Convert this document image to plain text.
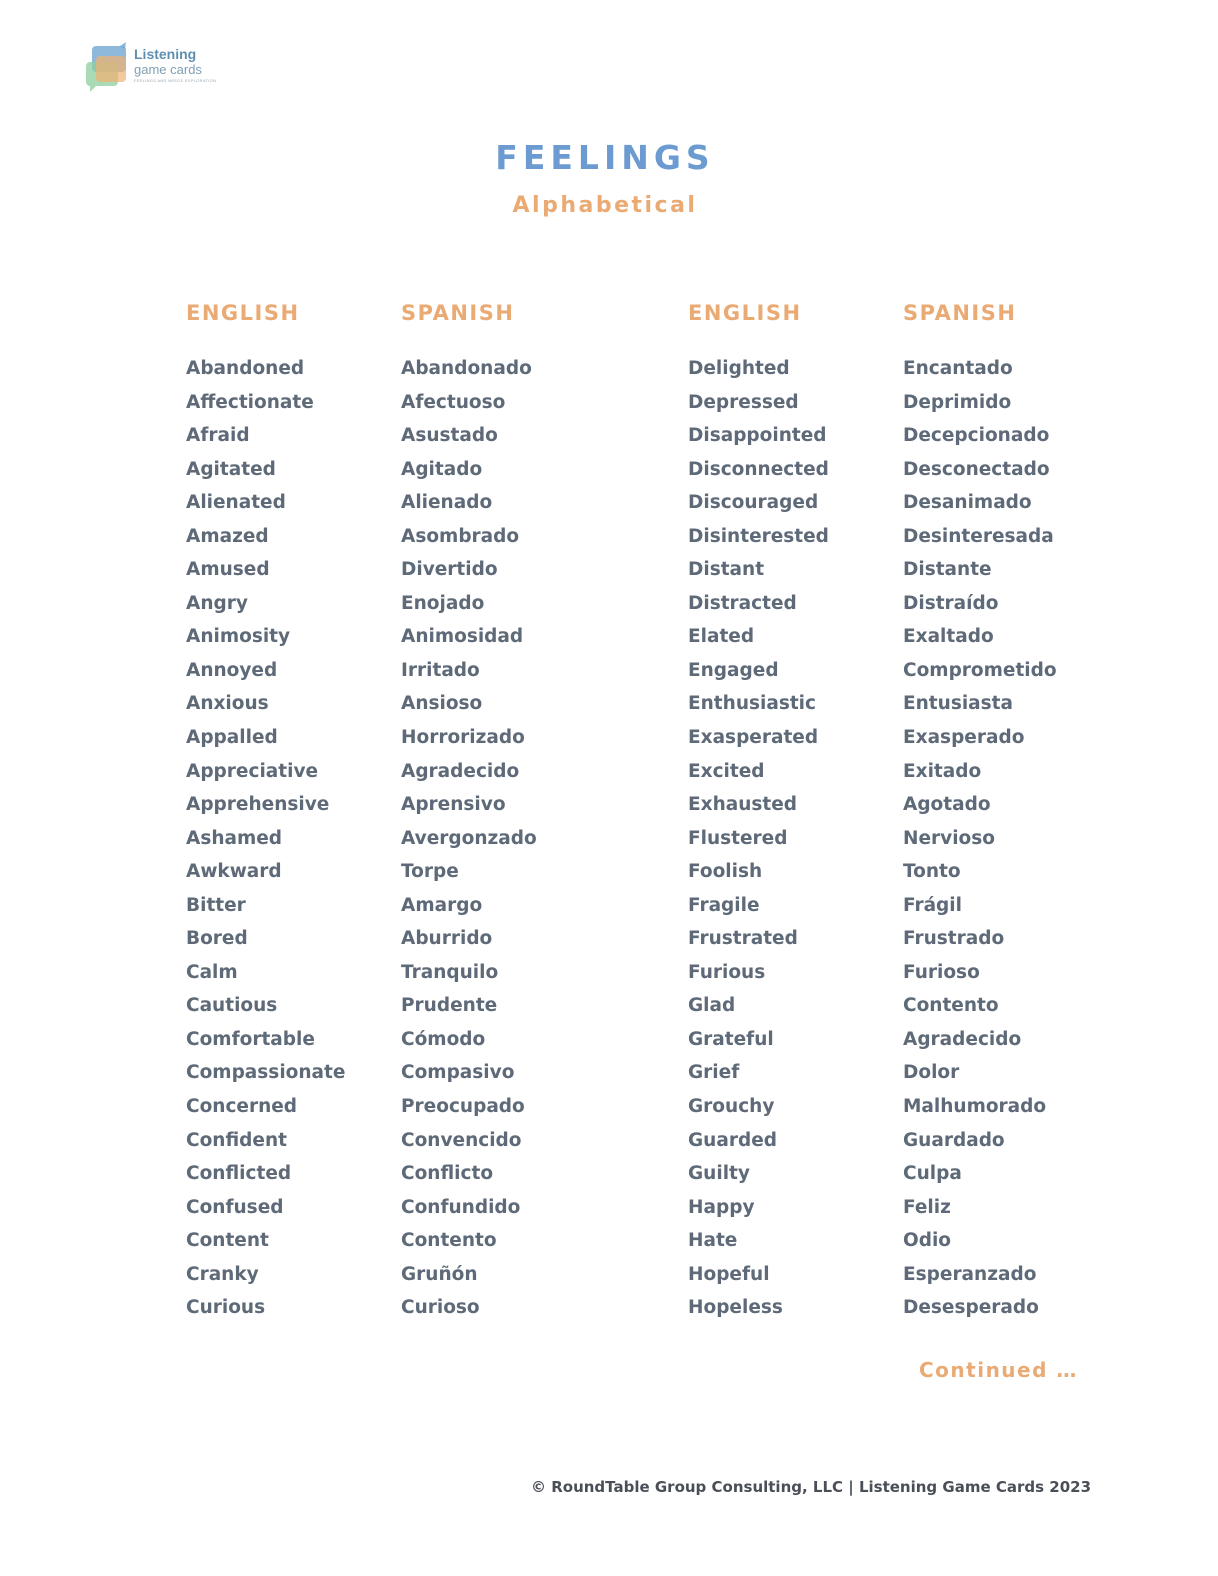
Listening
game cards
FEELINGS AND NEEDS EXPLORATION
FEELINGS
Alphabetical
ENGLISH
Abandoned
Affectionate
Afraid
Agitated
Alienated
Amazed
Amused
Angry
Animosity
Annoyed
Anxious
Appalled
Appreciative
Apprehensive
Ashamed
Awkward
Bitter
Bored
Calm
Cautious
Comfortable
Compassionate
Concerned
Confident
Conflicted
Confused
Content
Cranky
Curious
SPANISH
Abandonado
Afectuoso
Asustado
Agitado
Alienado
Asombrado
Divertido
Enojado
Animosidad
Irritado
Ansioso
Horrorizado
Agradecido
Aprensivo
Avergonzado
Torpe
Amargo
Aburrido
Tranquilo
Prudente
Cómodo
Compasivo
Preocupado
Convencido
Conflicto
Confundido
Contento
Gruñón
Curioso
ENGLISH
Delighted
Depressed
Disappointed
Disconnected
Discouraged
Disinterested
Distant
Distracted
Elated
Engaged
Enthusiastic
Exasperated
Excited
Exhausted
Flustered
Foolish
Fragile
Frustrated
Furious
Glad
Grateful
Grief
Grouchy
Guarded
Guilty
Happy
Hate
Hopeful
Hopeless
SPANISH
Encantado
Deprimido
Decepcionado
Desconectado
Desanimado
Desinteresada
Distante
Distraído
Exaltado
Comprometido
Entusiasta
Exasperado
Exitado
Agotado
Nervioso
Tonto
Frágil
Frustrado
Furioso
Contento
Agradecido
Dolor
Malhumorado
Guardado
Culpa
Feliz
Odio
Esperanzado
Desesperado
Continued …
© RoundTable Group Consulting, LLC | Listening Game Cards 2023
